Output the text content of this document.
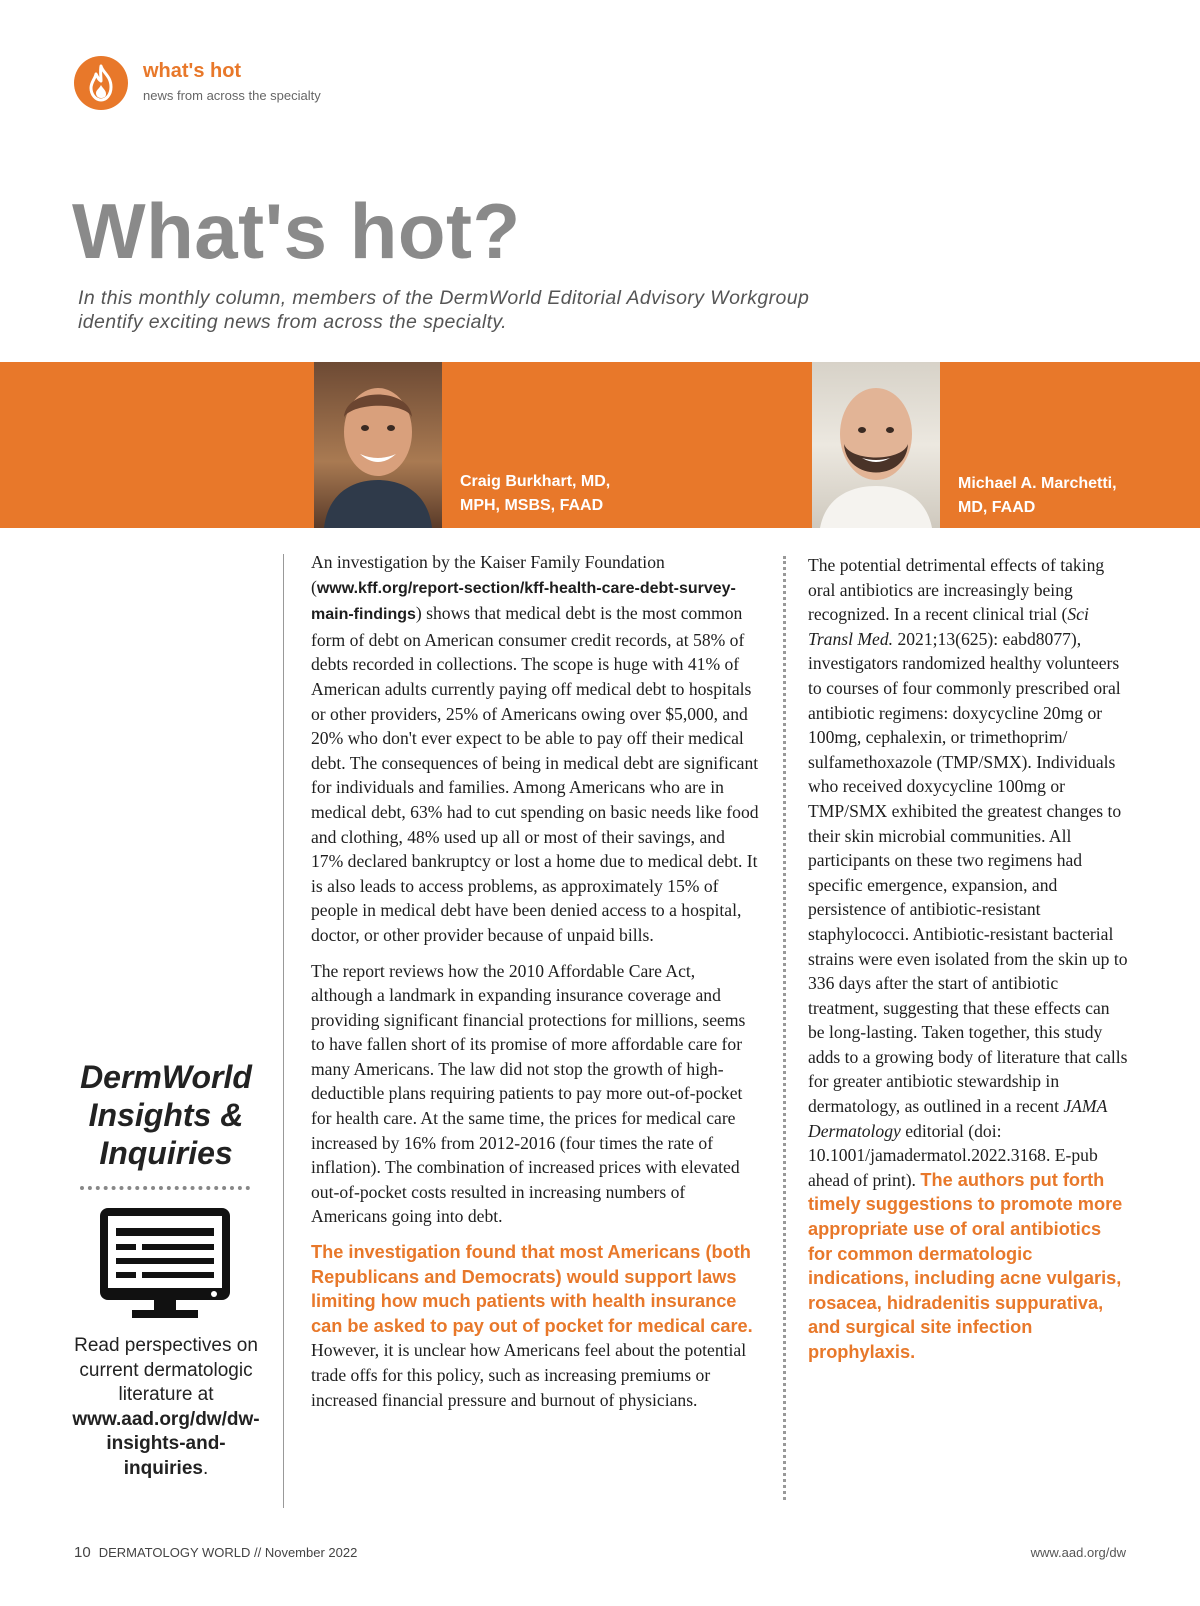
what's hot
news from across the specialty
What's hot?

In this monthly column, members of the DermWorld Editorial Advisory Workgroup identify exciting news from across the specialty.

Craig Burkhart, MD,
MPH, MSBS, FAAD
Michael A. Marchetti,
MD, FAAD
DermWorld
Insights &
Inquiries
Read perspectives on current dermatologic literature at www.aad.org/dw/dw-insights-and-inquiries.

An investigation by the Kaiser Family Foundation (www.kff.org/report-section/kff-health-care-debt-survey-main-findings) shows that medical debt is the most common form of debt on American consumer credit records, at 58% of debts recorded in collections. The scope is huge with 41% of American adults currently paying off medical debt to hospitals or other providers, 25% of Americans owing over $5,000, and 20% who don't ever expect to be able to pay off their medical debt. The consequences of being in medical debt are significant for individuals and families. Among Americans who are in medical debt, 63% had to cut spending on basic needs like food and clothing, 48% used up all or most of their savings, and 17% declared bankruptcy or lost a home due to medical debt. It is also leads to access problems, as approximately 15% of people in medical debt have been denied access to a hospital, doctor, or other provider because of unpaid bills.

The report reviews how the 2010 Affordable Care Act, although a landmark in expanding insurance coverage and providing significant financial protections for millions, seems to have fallen short of its promise of more affordable care for many Americans. The law did not stop the growth of high-deductible plans requiring patients to pay more out-of-pocket for health care. At the same time, the prices for medical care increased by 16% from 2012-2016 (four times the rate of inflation). The combination of increased prices with elevated out-of-pocket costs resulted in increasing numbers of Americans going into debt.

The investigation found that most Americans (both Republicans and Democrats) would support laws limiting how much patients with health insurance can be asked to pay out of pocket for medical care. However, it is unclear how Americans feel about the potential trade offs for this policy, such as increasing premiums or increased financial pressure and burnout of physicians.

The potential detrimental effects of taking oral antibiotics are increasingly being recognized. In a recent clinical trial (Sci Transl Med. 2021;13(625): eabd8077), investigators randomized healthy volunteers to courses of four commonly prescribed oral antibiotic regimens: doxycycline 20mg or 100mg, cephalexin, or trimethoprim/ sulfamethoxazole (TMP/SMX). Individuals who received doxycycline 100mg or TMP/SMX exhibited the greatest changes to their skin microbial communities. All participants on these two regimens had specific emergence, expansion, and persistence of antibiotic-resistant staphylococci. Antibiotic-resistant bacterial strains were even isolated from the skin up to 336 days after the start of antibiotic treatment, suggesting that these effects can be long-lasting. Taken together, this study adds to a growing body of literature that calls for greater antibiotic stewardship in dermatology, as outlined in a recent JAMA Dermatology editorial (doi: 10.1001/jamadermatol.2022.3168. E-pub ahead of print). The authors put forth timely suggestions to promote more appropriate use of oral antibiotics for common dermatologic indications, including acne vulgaris, rosacea, hidradenitis suppurativa, and surgical site infection prophylaxis.

10 DERMATOLOGY WORLD // November 2022	www.aad.org/dw
